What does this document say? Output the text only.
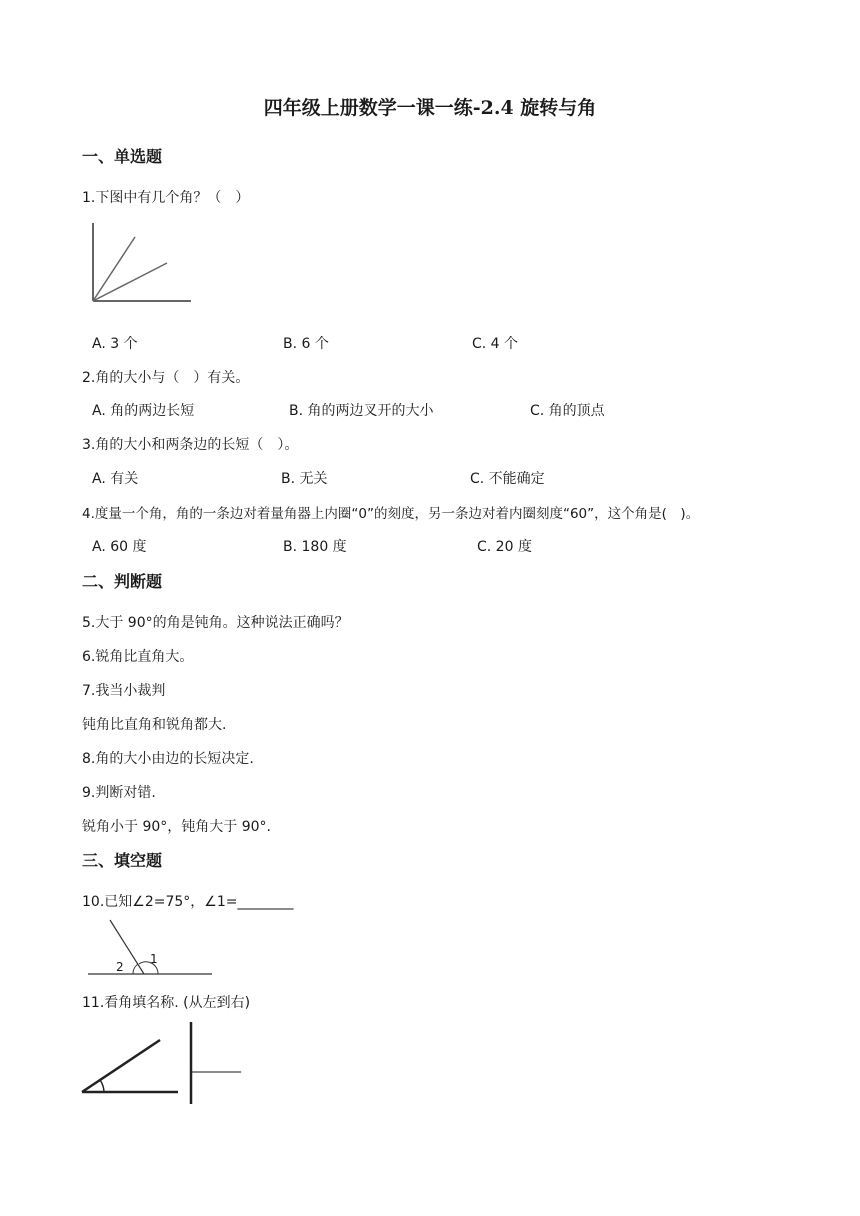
四年级上册数学一课一练-2.4 旋转与角
一、单选题
1.下图中有几个角？（　）
A. 3 个	B. 6 个	C. 4 个
2.角的大小与（　）有关。
A. 角的两边长短	B. 角的两边叉开的大小	C. 角的顶点
3.角的大小和两条边的长短（　）。
A. 有关	B. 无关	C. 不能确定
4.度量一个角，角的一条边对着量角器上内圈“0”的刻度，另一条边对着内圈刻度“60”，这个角是(　)。
A. 60 度	B. 180 度	C. 20 度
二、判断题
5.大于 90°的角是钝角。这种说法正确吗？
6.锐角比直角大。
7.我当小裁判
钝角比直角和锐角都大.
8.角的大小由边的长短决定.
9.判断对错.
锐角小于 90°，钝角大于 90°.
三、填空题
10.已知∠2=75°，∠1=________
2
1
11.看角填名称. (从左到右)
_______
